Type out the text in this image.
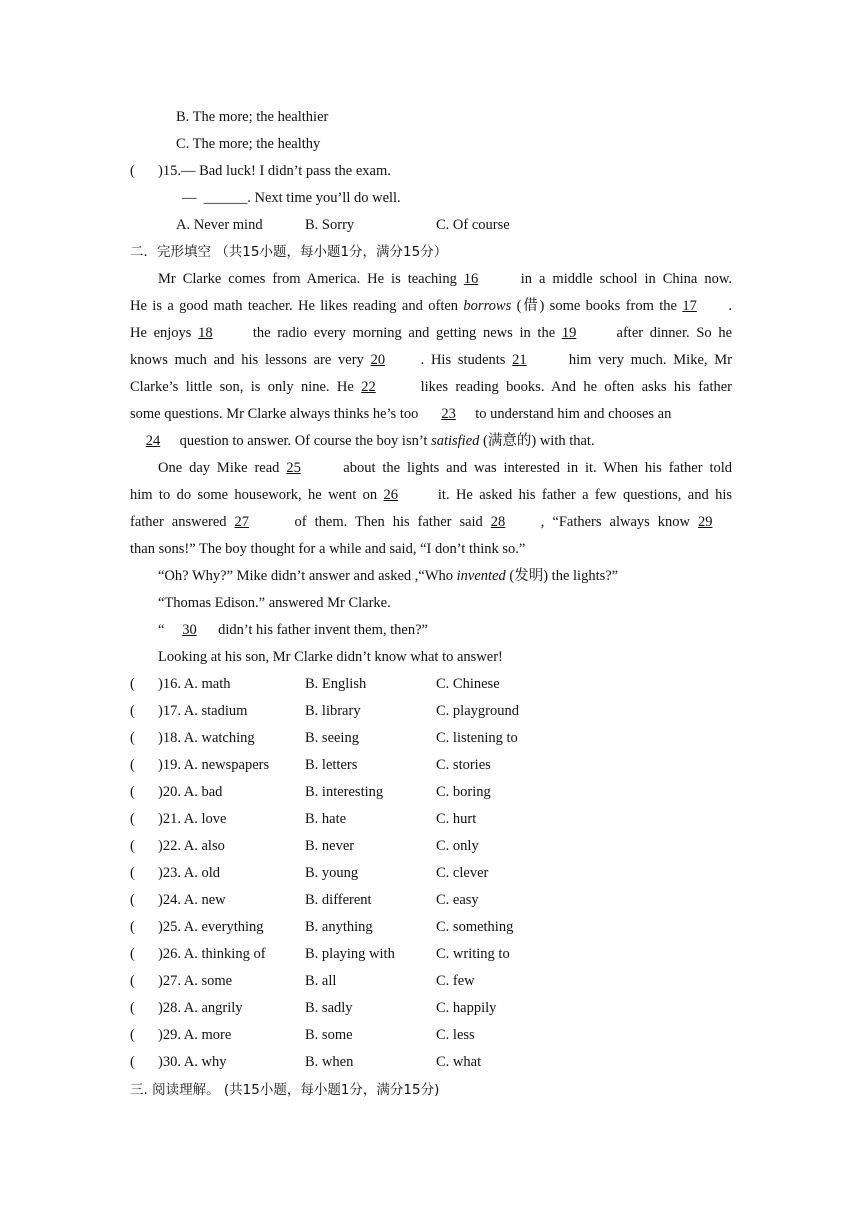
B. The more; the healthier
C. The more; the healthy
( )15.— Bad luck! I didn’t pass the exam.
— ______. Next time you’ll do well.
A. Never mind	B. Sorry	C. Of course
二．完形填空 （共15小题，每小题1分，满分15分）
Mr Clarke comes from America. He is teaching 16 in a middle school in China now.
He is a good math teacher. He likes reading and often borrows (借) some books from the 17 .
He enjoys 18 the radio every morning and getting news in the 19 after dinner. So he
knows much and his lessons are very 20 . His students 21 him very much. Mike, Mr
Clarke’s little son, is only nine. He 22	likes reading books. And he often asks his father
some questions. Mr Clarke always thinks he’s too  23 to understand him and chooses an
24 question to answer. Of course the boy isn’t satisfied (满意的) with that.
One day Mike read 25 about the lights and was interested in it. When his father told
him to do some housework, he went on 26 it. He asked his father a few questions, and his
father answered 27	of them. Then his father said 28 , “Fathers always know 29
than sons!” The boy thought for a while and said, “I don’t think so.”
“Oh? Why?” Mike didn’t answer and asked ,“Who invented (发明) the lights?”
“Thomas Edison.” answered Mr Clarke.
“ 30 didn’t his father invent them, then?”
Looking at his son, Mr Clarke didn’t know what to answer!
( )16. A. math	B. English	C. Chinese
( )17. A. stadium	B. library	C. playground
( )18. A. watching	B. seeing	C. listening to
( )19. A. newspapers B. letters	C. stories
( )20. A. bad	B. interesting	C. boring
( )21. A. love	B. hate	C. hurt
( )22. A. also	B. never	C. only
( )23. A. old	B. young	C. clever
( )24. A. new	B. different	C. easy
( )25. A. everything	B. anything	C. something
( )26. A. thinking of	B. playing with	C. writing to
( )27. A. some	B. all	C. few
( )28. A. angrily	B. sadly	C. happily
( )29. A. more	B. some	C. less
( )30. A. why	B. when	C. what
三. 阅读理解。 (共15小题，每小题1分，满分15分)
